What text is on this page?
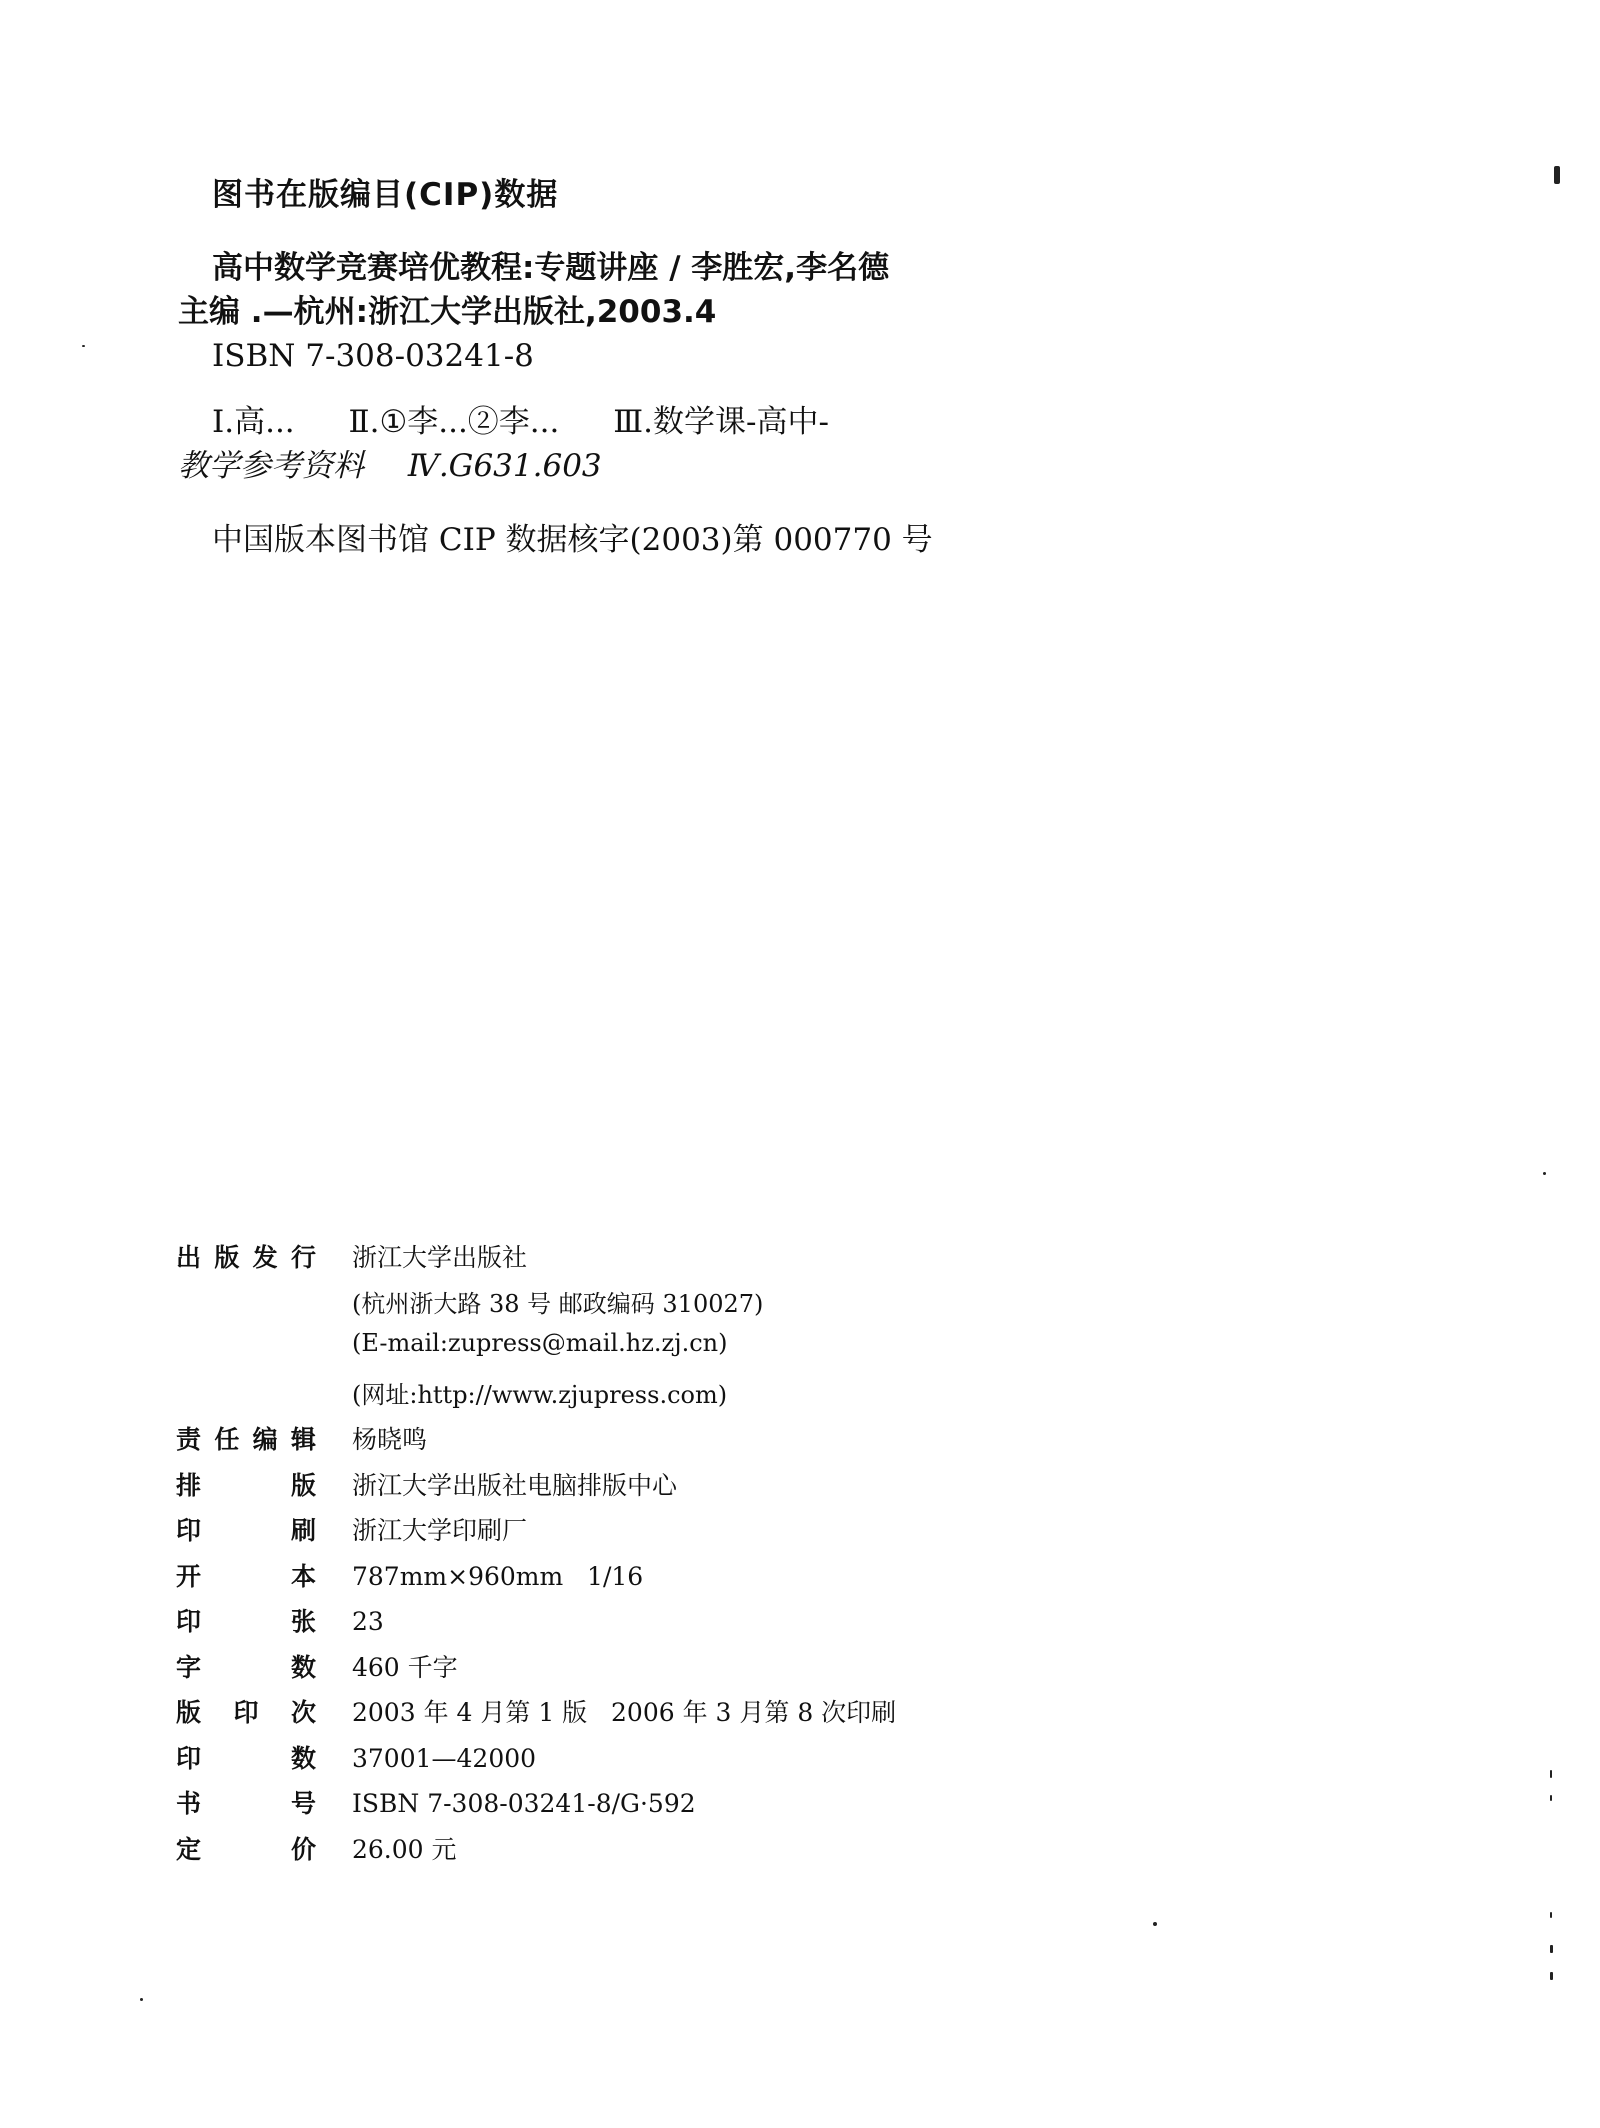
图书在版编目(CIP)数据
高中数学竞赛培优教程:专题讲座 / 李胜宏,李名德
主编 .—杭州:浙江大学出版社,2003.4
ISBN 7-308-03241-8
Ⅰ.高... Ⅱ.①李...②李... Ⅲ.数学课-高中-
教学参考资料 Ⅳ.G631.603
中国版本图书馆 CIP 数据核字(2003)第 000770 号
出 版 发 行 浙江大学出版社
(杭州浙大路 38 号 邮政编码 310027)
(E-mail:zupress@mail.hz.zj.cn)
(网址:http://www.zjupress.com)
责 任 编 辑 杨晓鸣
排	版 浙江大学出版社电脑排版中心
印	刷 浙江大学印刷厂
开	本 787mm×960mm   1/16
印	张 23
字	数 460 千字
版 印 次 2003 年 4 月第 1 版   2006 年 3 月第 8 次印刷
印	数 37001—42000
书	号 ISBN 7-308-03241-8/G·592
定	价 26.00 元
